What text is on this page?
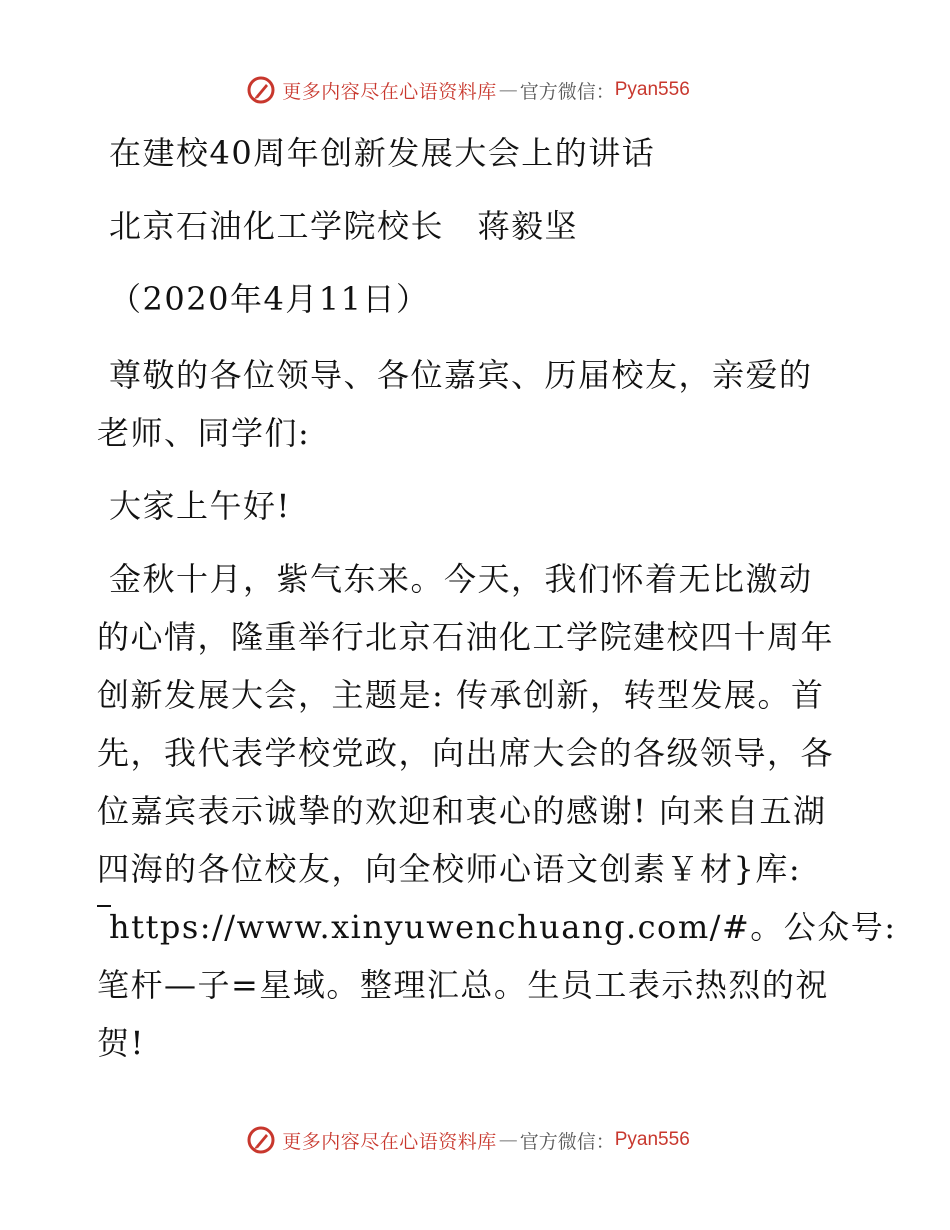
更多内容尽在心语资料库 — 官方微信： Pyan556
在建校40周年创新发展大会上的讲话
北京石油化工学院校长　蒋毅坚
（2020年4月11日）
尊敬的各位领导、各位嘉宾、历届校友，亲爱的
老师、同学们:
大家上午好!
金秋十月，紫气东来。今天，我们怀着无比激动
的心情，隆重举行北京石油化工学院建校四十周年
创新发展大会，主题是: 传承创新，转型发展。首
先，我代表学校党政，向出席大会的各级领导，各
位嘉宾表示诚挚的欢迎和衷心的感谢! 向来自五湖
四海的各位校友，向全校师心语文创素￥材}库:
https://www.xinyuwenchuang.com/#。公众号:
笔杆—子=星域。整理汇总。生员工表示热烈的祝
贺!
更多内容尽在心语资料库 — 官方微信： Pyan556
